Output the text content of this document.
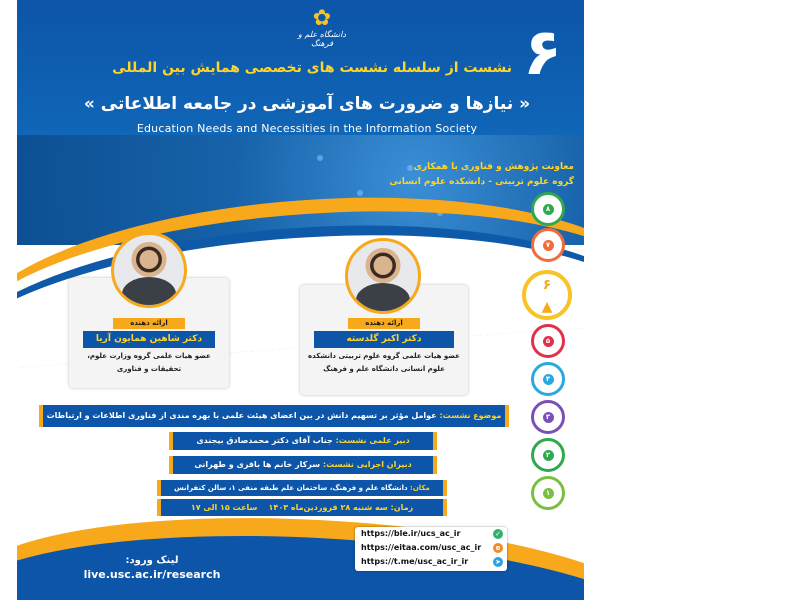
✿
دانشگاه علم و فرهنگ	۶
نشست از سلسله نشست های تخصصی همایش بین المللی
« نیازها و ضرورت های آموزشی در جامعه اطلاعاتی »
Education Needs and Necessities in the Information Society
معاونت پژوهش و فناوری با همکاری
گروه علوم تربیتی - دانشکده علوم انسانی
ارائه دهنده
دکتر شاهین همایون آریا
عضو هیات علمی گروه وزارت علوم، تحقیقات و فناوری
ارائه دهنده
دکتر اکبر گلدسته
عضو هیات علمی گروه علوم تربیتی دانشکده علوم انسانی دانشگاه علم و فرهنگ
۸
۷
۶
▲
۵
۴
۳
۲
۱
موضوع نشست: عوامل مؤثر بر تسهیم دانش در بین اعضای هیئت علمی با بهره مندی از فناوری اطلاعات و ارتباطات
دبیر علمی نشست: جناب آقای دکتر محمدصادق بیجندی
دبیران اجرایی نشست: سرکار خانم ها باقری و طهرانی
مکان: دانشگاه علم و فرهنگ، ساختمان علم طبقه منفی ۱، سالن کنفرانس
زمان: سه شنبه ۲۸ فروردین‌ماه ۱۴۰۳    ساعت ۱۵ الی ۱۷
https://ble.ir/ucs_ac_ir	✓
https://eitaa.com/usc_ac_ir	e
https://t.me/usc_ac_ir_ir	➤
لینک ورود:
live.usc.ac.ir/research
